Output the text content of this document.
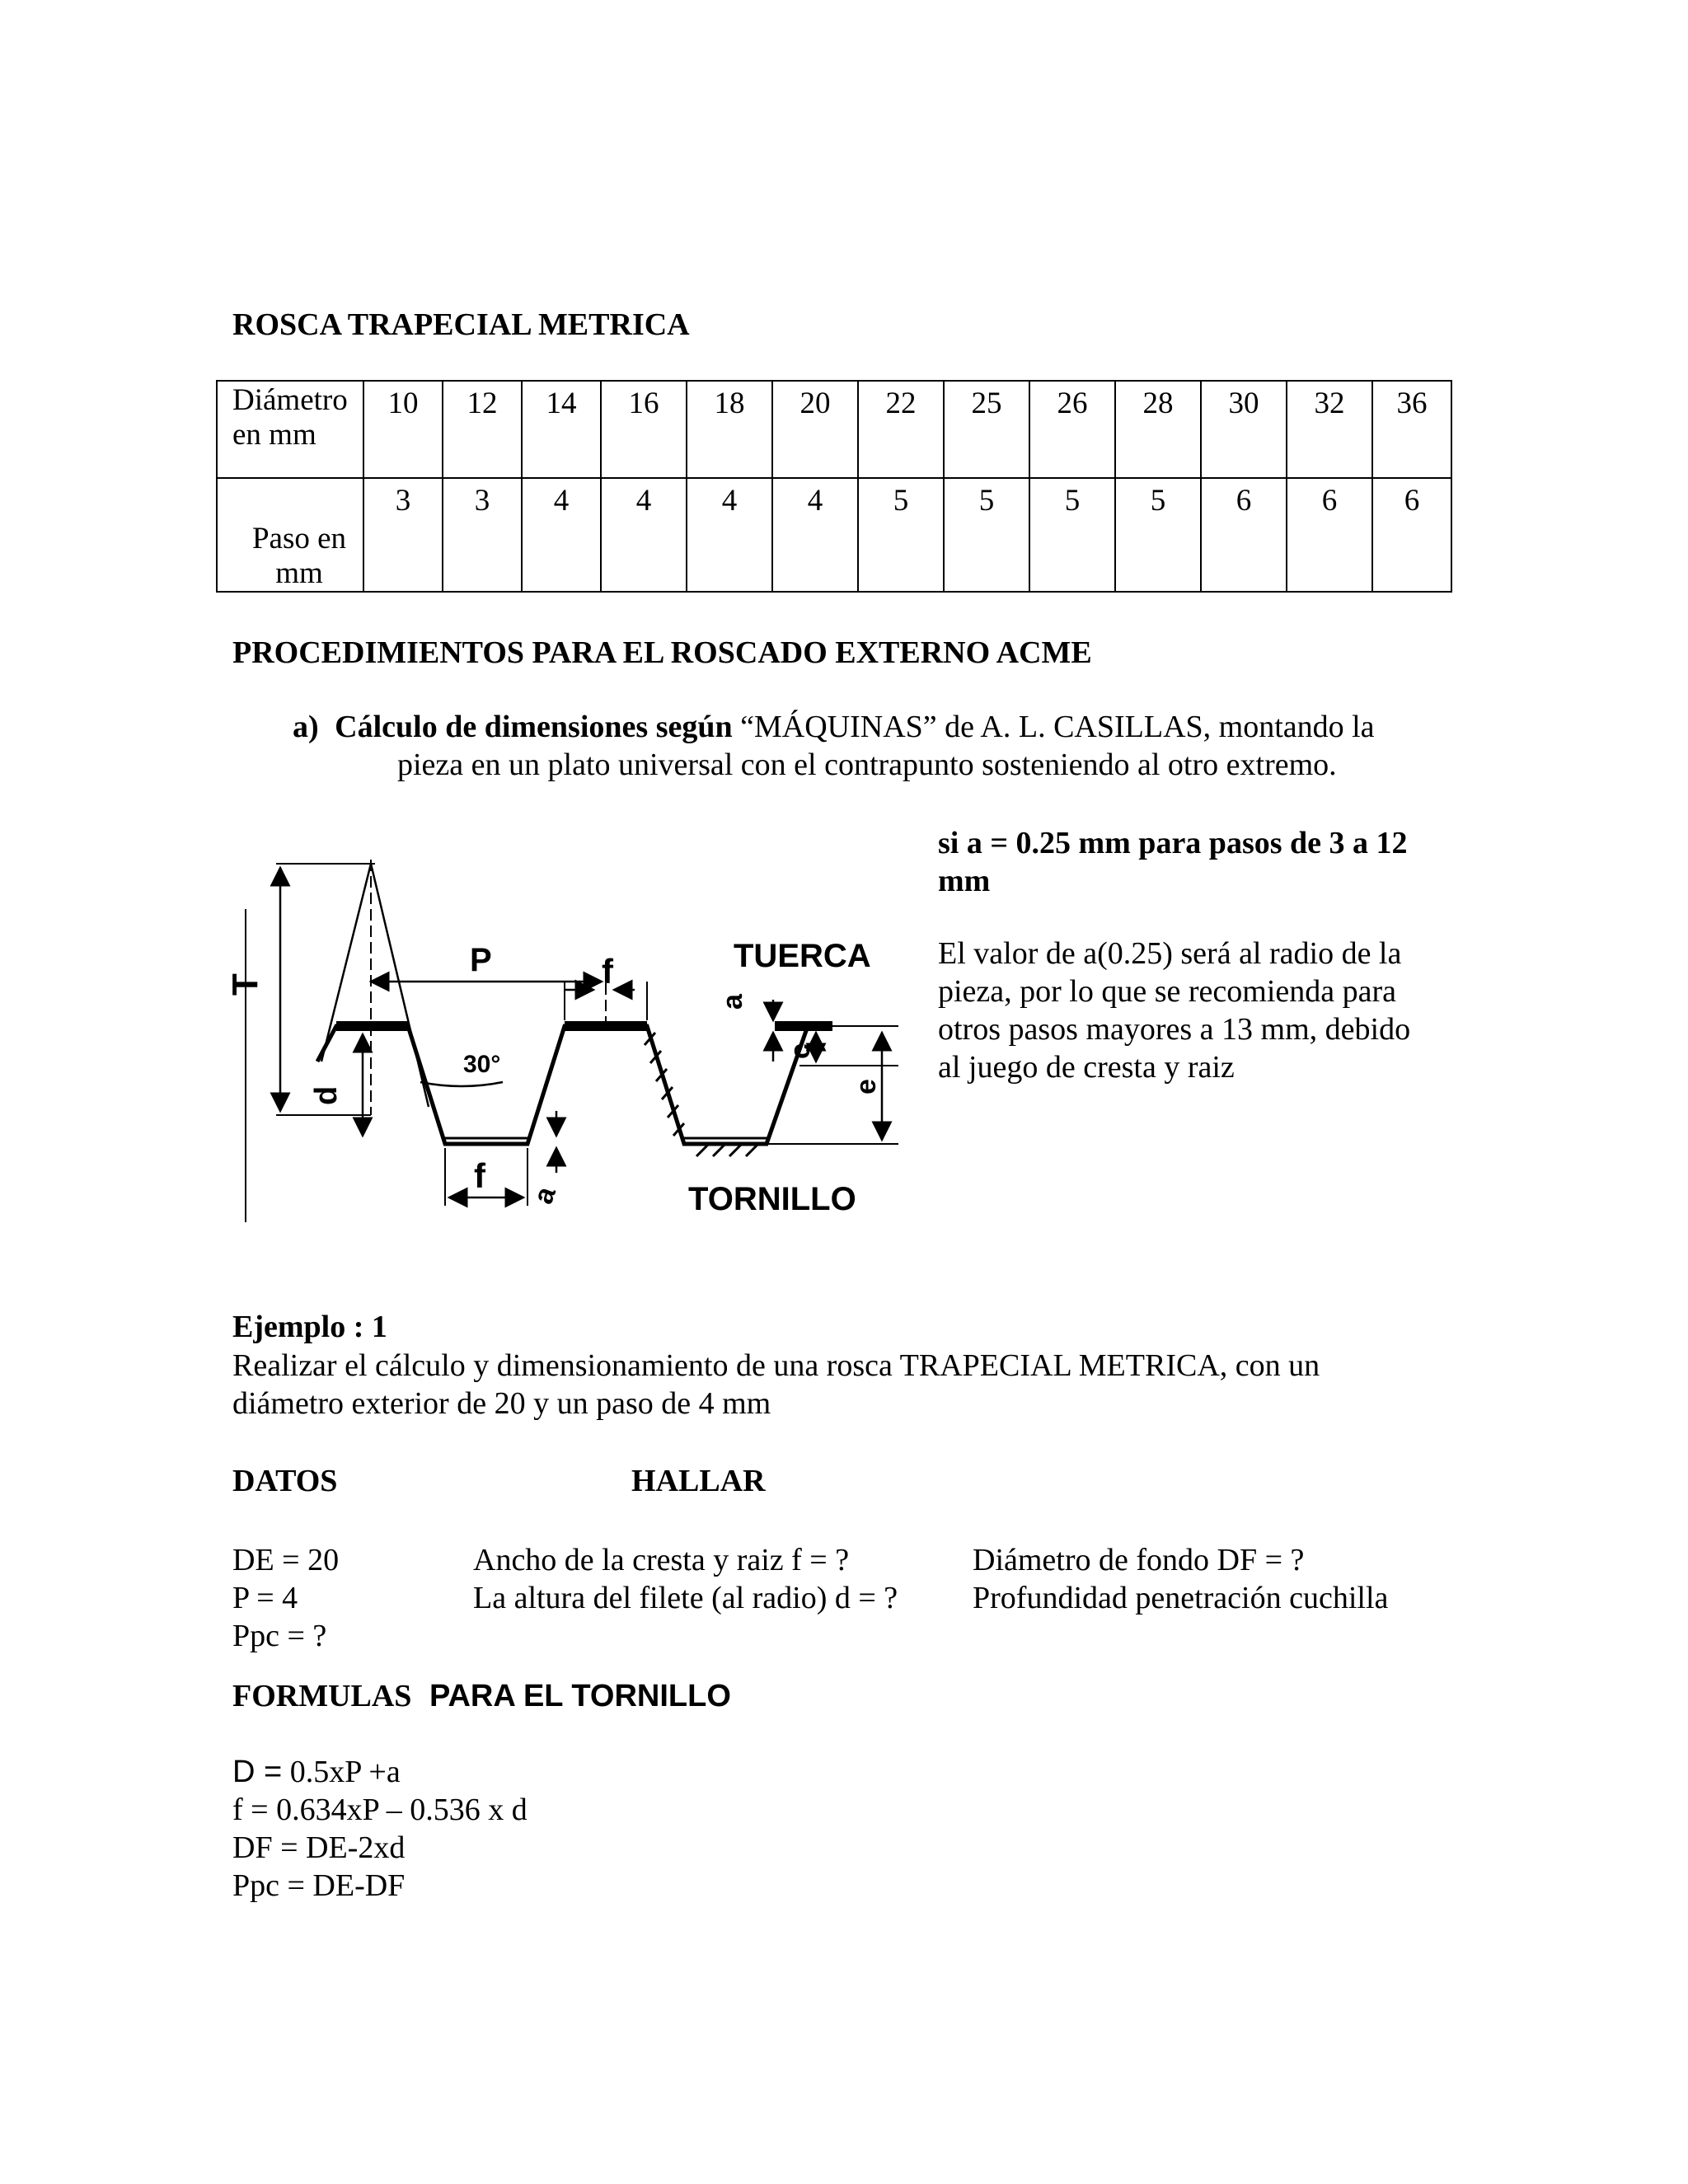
ROSCA TRAPECIAL METRICA
Diámetro
en mm	10	12	14	16	18	20	22	25	26	28	30	32	36

Paso en
mm	3	3	4	4	4	4	5	5	5	5	6	6	6
PROCEDIMIENTOS PARA EL ROSCADO EXTERNO ACME
a) Cálculo de dimensiones según “MÁQUINAS” de A. L. CASILLAS, montando la
pieza en un plato universal con el contrapunto sosteniendo al otro extremo.
si a = 0.25 mm para pasos de 3 a 12
mm
El valor de a(0.25) será al radio de la
pieza, por lo que se recomienda para
otros pasos mayores a 13 mm, debido
al juego de cresta y raiz
T
P	f	TUERCA
a
c
e
30°
d
f
a	TORNILLO
Ejemplo : 1
Realizar el cálculo y dimensionamiento de una rosca TRAPECIAL METRICA, con un
diámetro exterior de 20 y un paso de 4 mm
DATOS	HALLAR
DE = 20
P = 4
Ppc = ?
Ancho de la cresta y raiz f = ?
La altura del filete (al radio) d = ?
Diámetro de fondo DF = ?
Profundidad penetración cuchilla
FORMULAS PARA EL TORNILLO
D = 0.5xP +a
f = 0.634xP – 0.536 x d
DF = DE-2xd
Ppc = DE-DF
